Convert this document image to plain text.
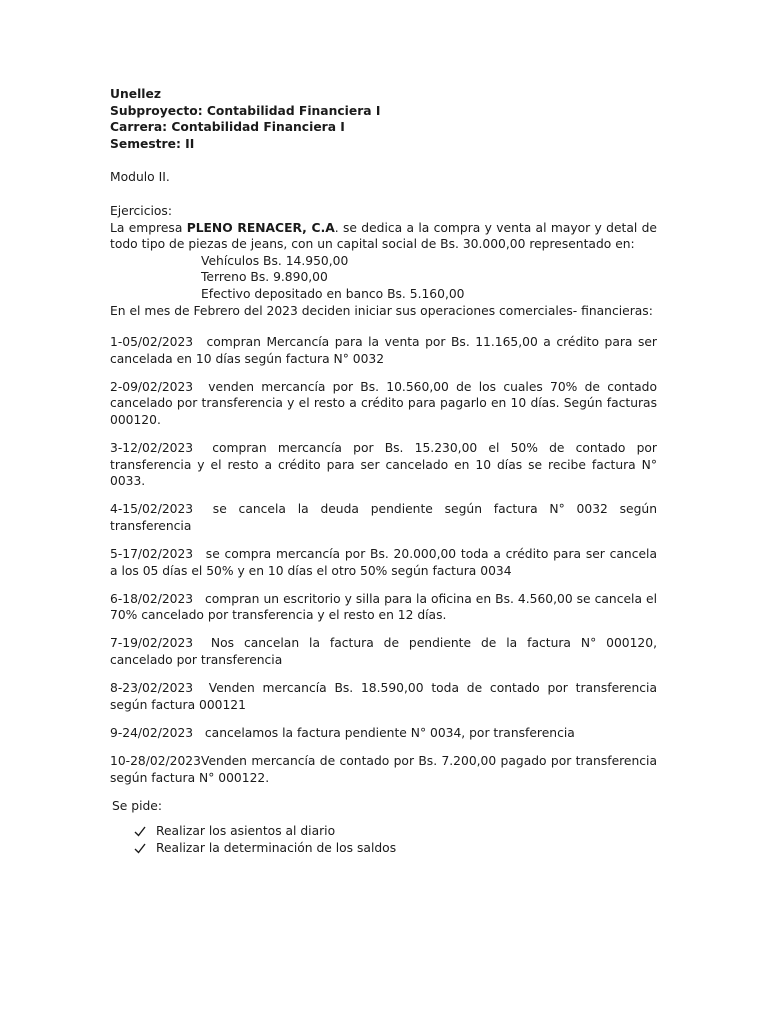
Unellez
Subproyecto: Contabilidad Financiera I
Carrera: Contabilidad Financiera I
Semestre: II
Modulo II.
Ejercicios:
La empresa PLENO RENACER, C.A. se dedica a la compra y venta al mayor y detal de todo tipo de piezas de jeans, con un capital social de Bs. 30.000,00 representado en:
Vehículos Bs. 14.950,00
Terreno Bs. 9.890,00
Efectivo depositado en banco Bs. 5.160,00
En el mes de Febrero del 2023 deciden iniciar sus operaciones comerciales- financieras:
1-05/02/2023 compran Mercancía para la venta por Bs. 11.165,00 a crédito para ser cancelada en 10 días según factura N° 0032
2-09/02/2023 venden mercancía por Bs. 10.560,00 de los cuales 70% de contado cancelado por transferencia y el resto a crédito para pagarlo en 10 días. Según facturas 000120.
3-12/02/2023 compran mercancía por Bs. 15.230,00 el 50% de contado por transferencia y el resto a crédito para ser cancelado en 10 días se recibe factura N° 0033.
4-15/02/2023 se cancela la deuda pendiente según factura N° 0032 según transferencia
5-17/02/2023 se compra mercancía por Bs. 20.000,00 toda a crédito para ser cancela a los 05 días el 50% y en 10 días el otro 50% según factura 0034
6-18/02/2023 compran un escritorio y silla para la oficina en Bs. 4.560,00 se cancela el 70% cancelado por transferencia y el resto en 12 días.
7-19/02/2023 Nos cancelan la factura de pendiente de la factura N° 000120, cancelado por transferencia
8-23/02/2023 Venden mercancía Bs. 18.590,00 toda de contado por transferencia según factura 000121
9-24/02/2023 cancelamos la factura pendiente N° 0034, por transferencia
10-28/02/2023Venden mercancía de contado por Bs. 7.200,00 pagado por transferencia según factura N° 000122.
Se pide:
Realizar los asientos al diario
Realizar la determinación de los saldos
